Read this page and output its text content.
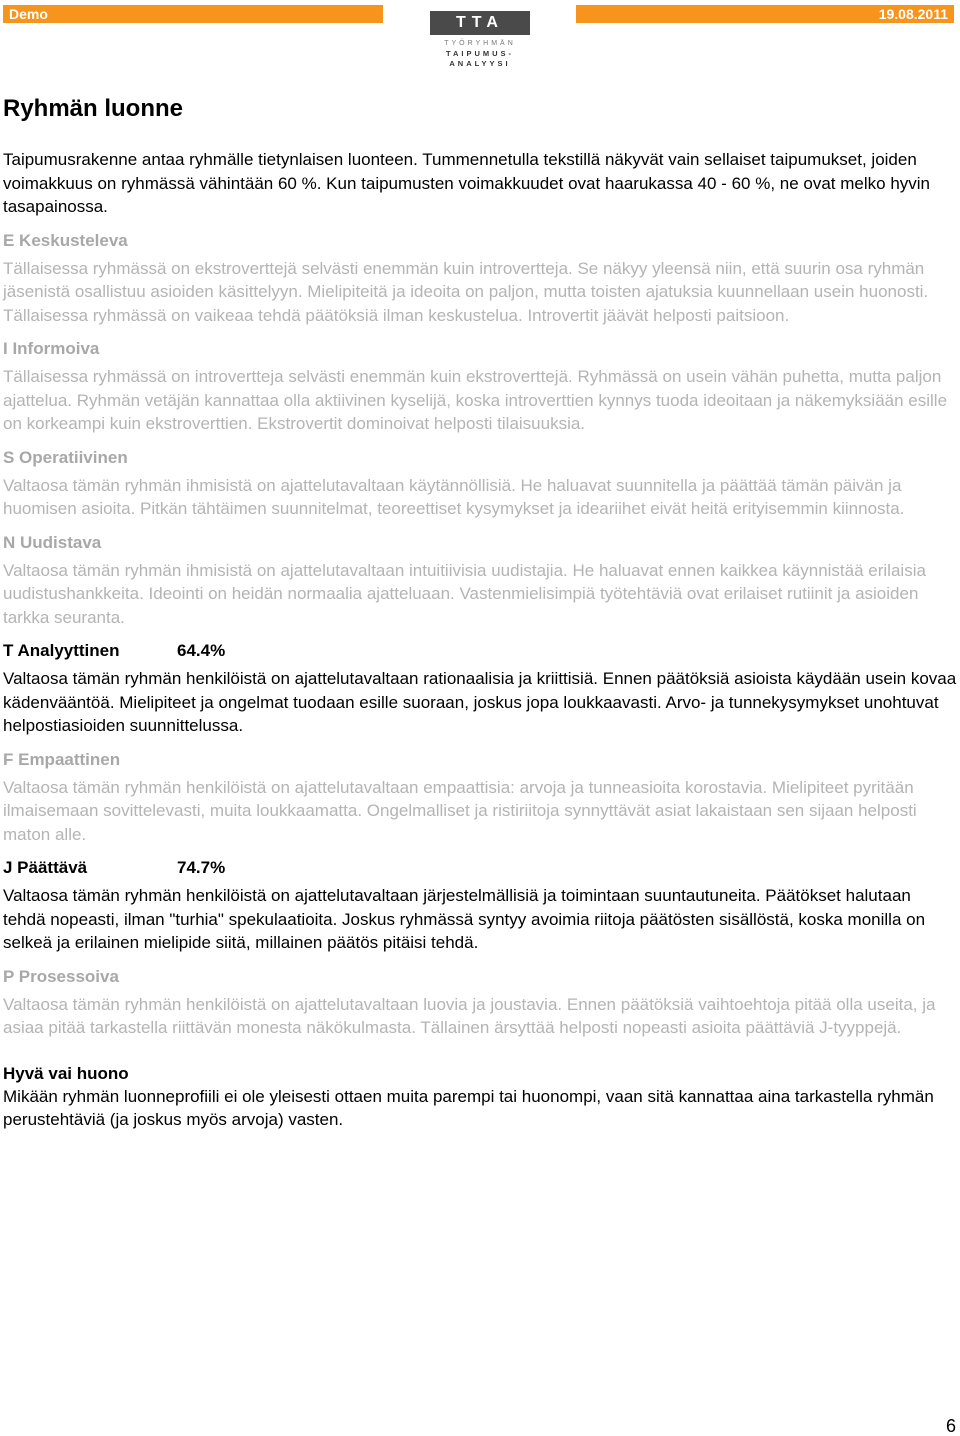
Demo	TTA
TYÖRYHMÄN
TAIPUMUS-
ANALYYSI
19.08.2011
Ryhmän luonne
Taipumusrakenne antaa ryhmälle tietynlaisen luonteen. Tummennetulla tekstillä näkyvät vain sellaiset taipumukset, joiden voimakkuus on ryhmässä vähintään 60 %. Kun taipumusten voimakkuudet ovat haarukassa 40 - 60 %, ne ovat melko hyvin tasapainossa.
E Keskusteleva
Tällaisessa ryhmässä on ekstroverttejä selvästi enemmän kuin introvertteja. Se näkyy yleensä niin, että suurin osa ryhmän jäsenistä osallistuu asioiden käsittelyyn. Mielipiteitä ja ideoita on paljon, mutta toisten ajatuksia kuunnellaan usein huonosti. Tällaisessa ryhmässä on vaikeaa tehdä päätöksiä ilman keskustelua. Introvertit jäävät helposti paitsioon.
I Informoiva
Tällaisessa ryhmässä on introvertteja selvästi enemmän kuin ekstroverttejä. Ryhmässä on usein vähän puhetta, mutta paljon ajattelua. Ryhmän vetäjän kannattaa olla aktiivinen kyselijä, koska introverttien kynnys tuoda ideoitaan ja näkemyksiään esille on korkeampi kuin ekstroverttien. Ekstrovertit dominoivat helposti tilaisuuksia.
S Operatiivinen
Valtaosa tämän ryhmän ihmisistä on ajattelutavaltaan käytännöllisiä. He haluavat suunnitella ja päättää tämän päivän ja huomisen asioita. Pitkän tähtäimen suunnitelmat, teoreettiset kysymykset ja ideariihet eivät heitä erityisemmin kiinnosta.
N Uudistava
Valtaosa tämän ryhmän ihmisistä on ajattelutavaltaan intuitiivisia uudistajia. He haluavat ennen kaikkea käynnistää erilaisia uudistushankkeita. Ideointi on heidän normaalia ajatteluaan. Vastenmielisimpiä työtehtäviä ovat erilaiset rutiinit ja asioiden tarkka seuranta.
T Analyyttinen	64.4%
Valtaosa tämän ryhmän henkilöistä on ajattelutavaltaan rationaalisia ja kriittisiä. Ennen päätöksiä asioista käydään usein kovaa kädenvääntöä. Mielipiteet ja ongelmat tuodaan esille suoraan, joskus jopa loukkaavasti. Arvo- ja tunnekysymykset unohtuvat helpostiasioiden suunnittelussa.
F Empaattinen
Valtaosa tämän ryhmän henkilöistä on ajattelutavaltaan empaattisia: arvoja ja tunneasioita korostavia. Mielipiteet pyritään ilmaisemaan sovittelevasti, muita loukkaamatta. Ongelmalliset ja ristiriitoja synnyttävät asiat lakaistaan sen sijaan helposti maton alle.
J Päättävä	74.7%
Valtaosa tämän ryhmän henkilöistä on ajattelutavaltaan järjestelmällisiä ja toimintaan suuntautuneita. Päätökset halutaan tehdä nopeasti, ilman "turhia" spekulaatioita. Joskus ryhmässä syntyy avoimia riitoja päätösten sisällöstä, koska monilla on selkeä ja erilainen mielipide siitä, millainen päätös pitäisi tehdä.
P Prosessoiva
Valtaosa tämän ryhmän henkilöistä on ajattelutavaltaan luovia ja joustavia. Ennen päätöksiä vaihtoehtoja pitää olla useita, ja asiaa pitää tarkastella riittävän monesta näkökulmasta. Tällainen ärsyttää helposti nopeasti asioita päättäviä J-tyyppejä.
Hyvä vai huono
Mikään ryhmän luonneprofiili ei ole yleisesti ottaen muita parempi tai huonompi, vaan sitä kannattaa aina tarkastella ryhmän perustehtäviä (ja joskus myös arvoja) vasten.
6
